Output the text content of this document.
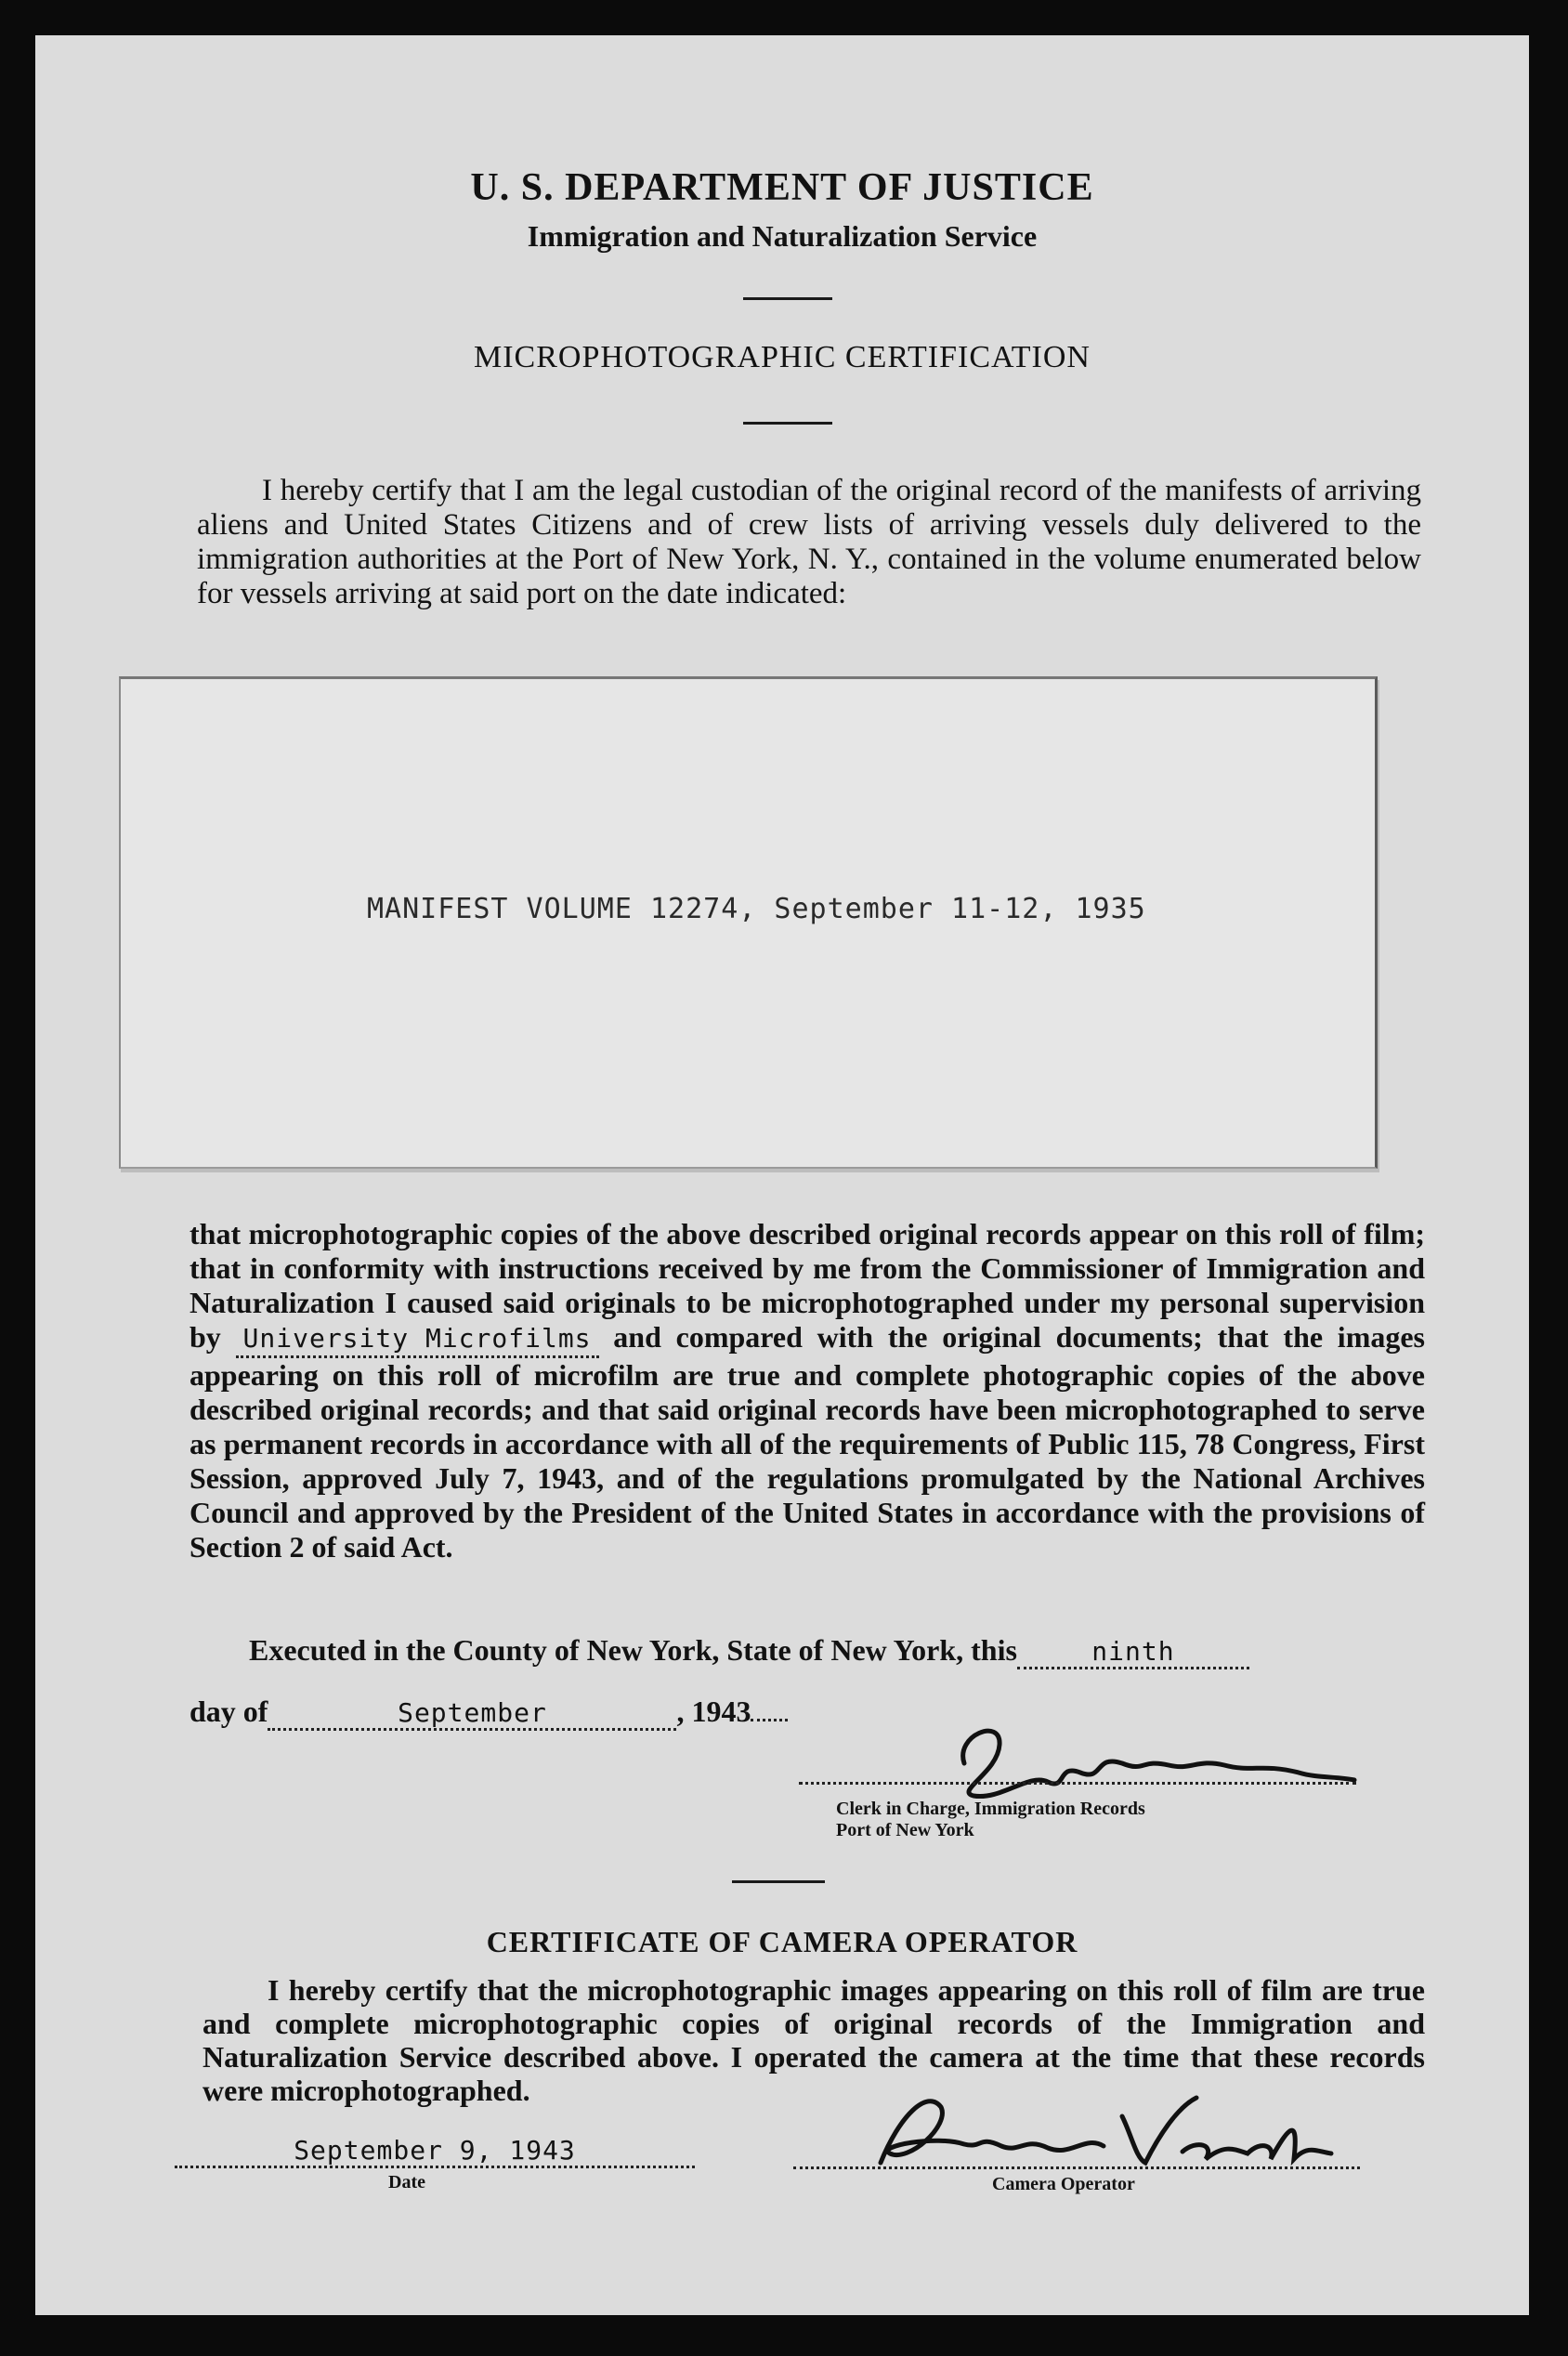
U. S. DEPARTMENT OF JUSTICE
Immigration and Naturalization Service
MICROPHOTOGRAPHIC CERTIFICATION

I hereby certify that I am the legal custodian of the original record of the manifests of arriving aliens and United States Citizens and of crew lists of arriving vessels duly delivered to the immigration authorities at the Port of New York, N. Y., contained in the volume enumerated below for vessels arriving at said port on the date indicated:

MANIFEST VOLUME 12274, September 11-12, 1935

that microphotographic copies of the above described original records appear on this roll of film; that in conformity with instructions received by me from the Commissioner of Immigration and Naturalization I caused said originals to be microphotographed under my personal supervision by University Microfilms and compared with the original documents; that the images appearing on this roll of microfilm are true and complete photographic copies of the above described original records; and that said original records have been microphotographed to serve as permanent records in accordance with all of the requirements of Public 115, 78 Congress, First Session, approved July 7, 1943, and of the regulations promulgated by the National Archives Council and approved by the President of the United States in accordance with the provisions of Section 2 of said Act.

Executed in the County of New York, State of New York, this	ninth
day of	September	, 1943
Clerk in Charge, Immigration Records
Port of New York
CERTIFICATE OF CAMERA OPERATOR

I hereby certify that the microphotographic images appearing on this roll of film are true and complete microphotographic copies of original records of the Immigration and Naturalization Service described above. I operated the camera at the time that these records were microphotographed.

September 9, 1943
Date	Camera Operator
